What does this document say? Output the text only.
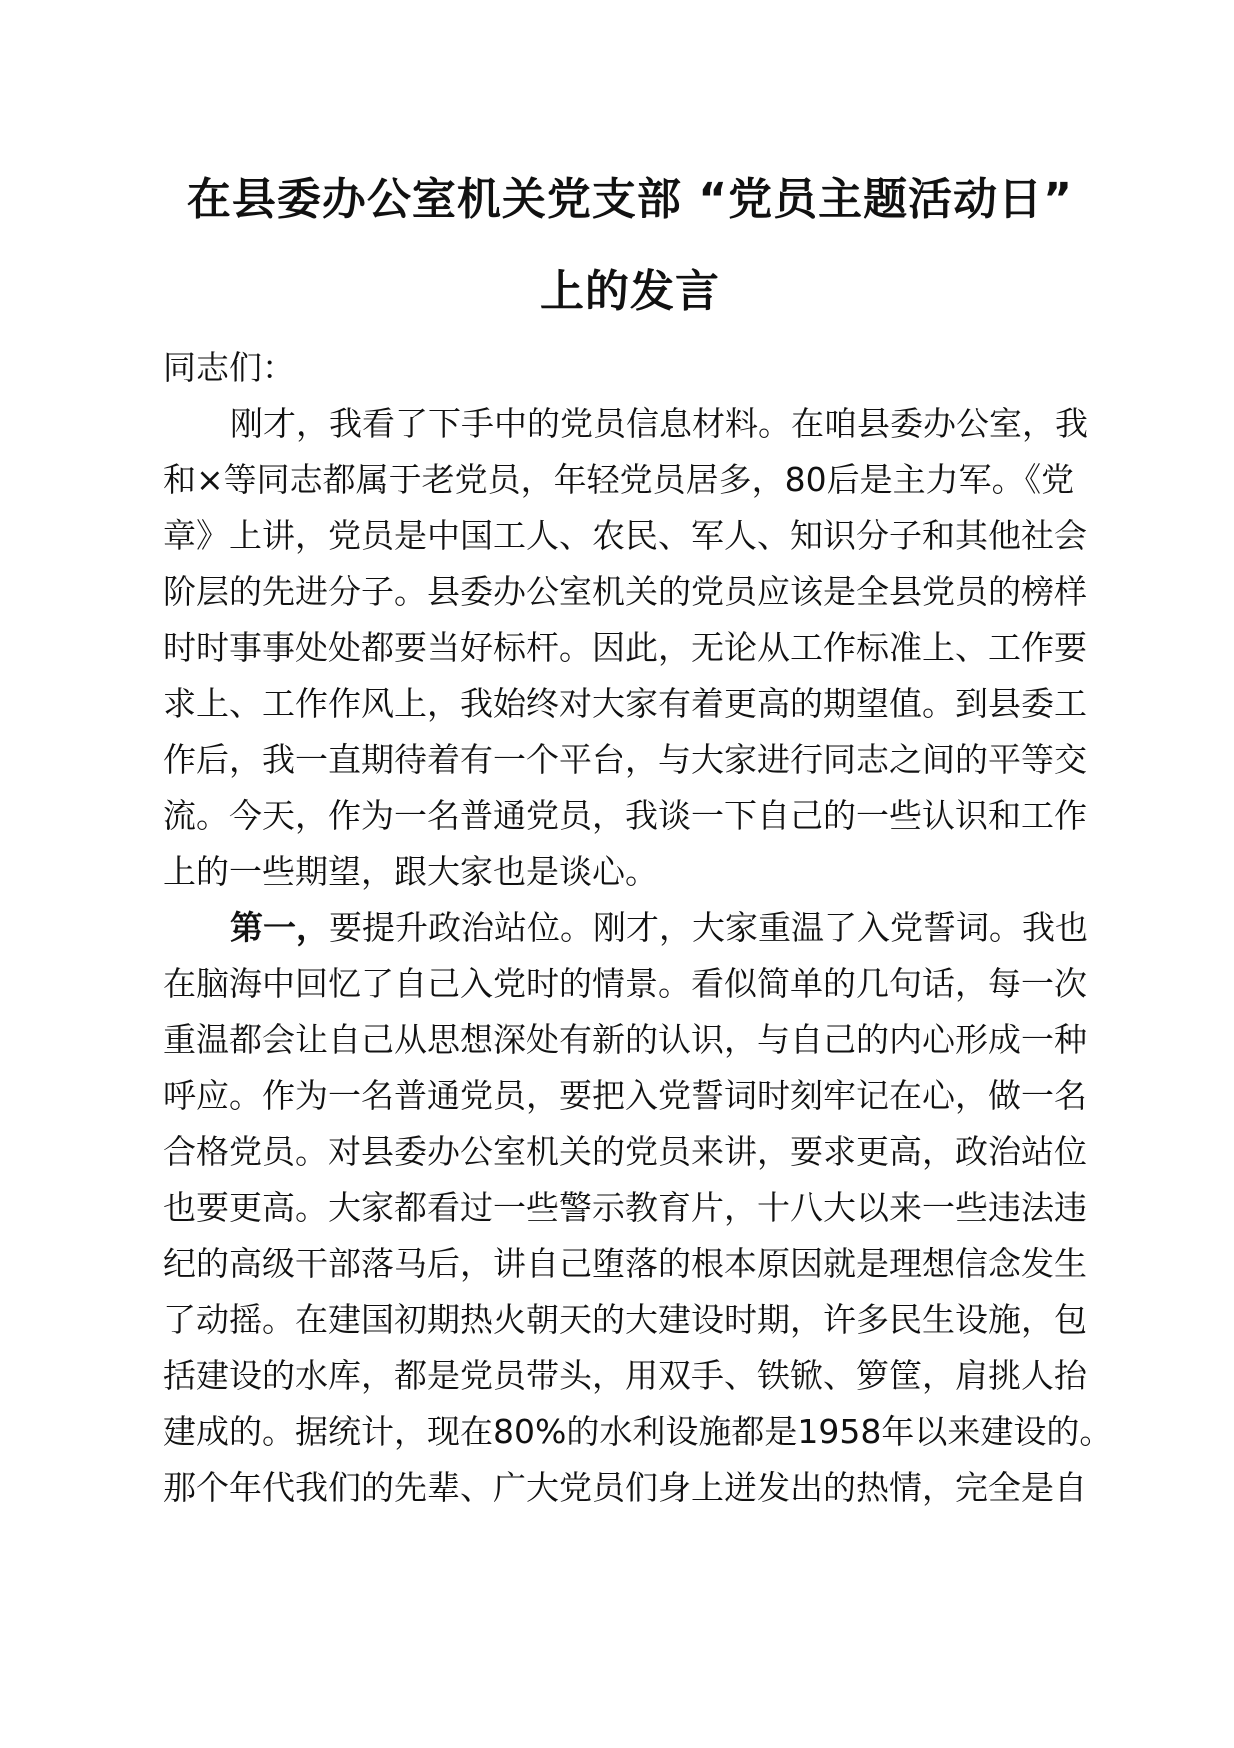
在县委办公室机关党支部 “党员主题活动日”
上的发言
同志们：
刚才，我看了下手中的党员信息材料。在咱县委办公室，我
和×等同志都属于老党员，年轻党员居多，80后是主力军。《党
章》上讲，党员是中国工人、农民、军人、知识分子和其他社会
阶层的先进分子。县委办公室机关的党员应该是全县党员的榜样
时时事事处处都要当好标杆。因此，无论从工作标准上、工作要
求上、工作作风上，我始终对大家有着更高的期望值。到县委工
作后，我一直期待着有一个平台，与大家进行同志之间的平等交
流。今天，作为一名普通党员，我谈一下自己的一些认识和工作
上的一些期望，跟大家也是谈心。
第一，要提升政治站位。刚才，大家重温了入党誓词。我也
在脑海中回忆了自己入党时的情景。看似简单的几句话，每一次
重温都会让自己从思想深处有新的认识，与自己的内心形成一种
呼应。作为一名普通党员，要把入党誓词时刻牢记在心，做一名
合格党员。对县委办公室机关的党员来讲，要求更高，政治站位
也要更高。大家都看过一些警示教育片，十八大以来一些违法违
纪的高级干部落马后，讲自己堕落的根本原因就是理想信念发生
了动摇。在建国初期热火朝天的大建设时期，许多民生设施，包
括建设的水库，都是党员带头，用双手、铁锨、箩筐，肩挑人抬
建成的。据统计，现在80%的水利设施都是1958年以来建设的。
那个年代我们的先辈、广大党员们身上迸发出的热情，完全是自
